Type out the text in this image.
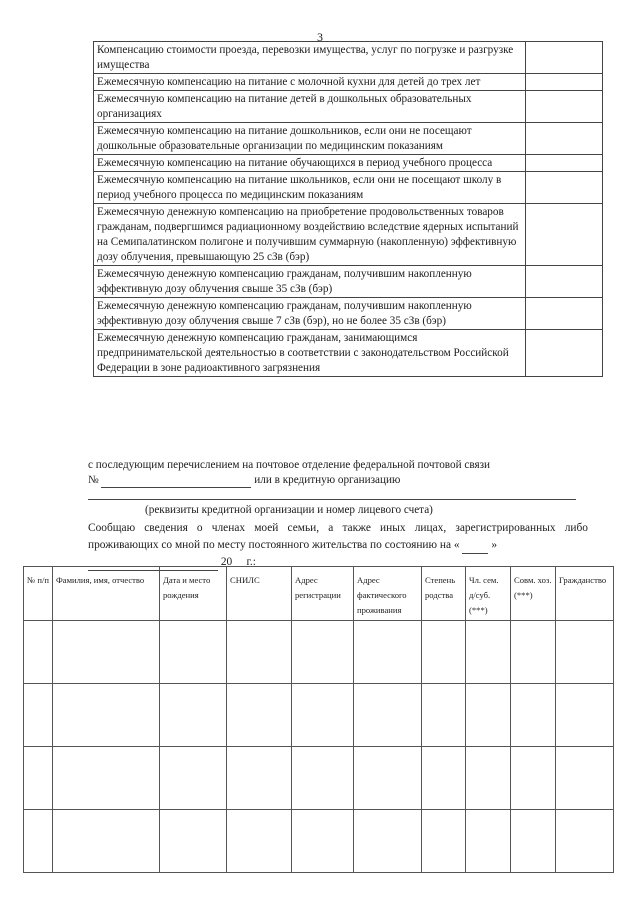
3
Компенсацию стоимости проезда, перевозки имущества, услуг по погрузке и разгрузке имущества	
Ежемесячную компенсацию на питание с молочной кухни для детей до трех лет	
Ежемесячную компенсацию на питание детей в дошкольных образовательных организациях	
Ежемесячную компенсацию на питание дошкольников, если они не посещают дошкольные образовательные организации по медицинским показаниям	
Ежемесячную компенсацию на питание обучающихся в период учебного процесса	
Ежемесячную компенсацию на питание школьников, если они не посещают школу в период учебного процесса по медицинским показаниям	
Ежемесячную денежную компенсацию на приобретение продовольственных товаров гражданам, подвергшимся радиационному воздействию вследствие ядерных испытаний на Семипалатинском полигоне и получившим суммарную (накопленную) эффективную дозу облучения, превышающую 25 сЗв (бэр)	
Ежемесячную денежную компенсацию гражданам, получившим накопленную эффективную дозу облучения свыше 35 сЗв (бэр)	
Ежемесячную денежную компенсацию гражданам, получившим накопленную эффективную дозу облучения свыше 7 сЗв (бэр), но не более 35 сЗв (бэр)	
Ежемесячную денежную компенсацию гражданам, занимающимся предпринимательской деятельностью в соответствии с законодательством Российской Федерации в зоне радиоактивного загрязнения	
с последующим перечислением на почтовое отделение федеральной почтовой связи
№	или в кредитную организацию
(реквизиты кредитной организации и номер лицевого счета)
Сообщаю сведения о членах моей семьи, а также иных лицах, зарегистрированных либо проживающих со мной по месту постоянного жительства по состоянию на «	»
20__ г.:
№ п/п	Фамилия, имя, отчество	Дата и место рождения	СНИЛС	Адрес регистрации	Адрес фактического проживания	Степень родства	Чл. сем. д/суб. (***)	Совм. хоз. (***)	Гражданство
